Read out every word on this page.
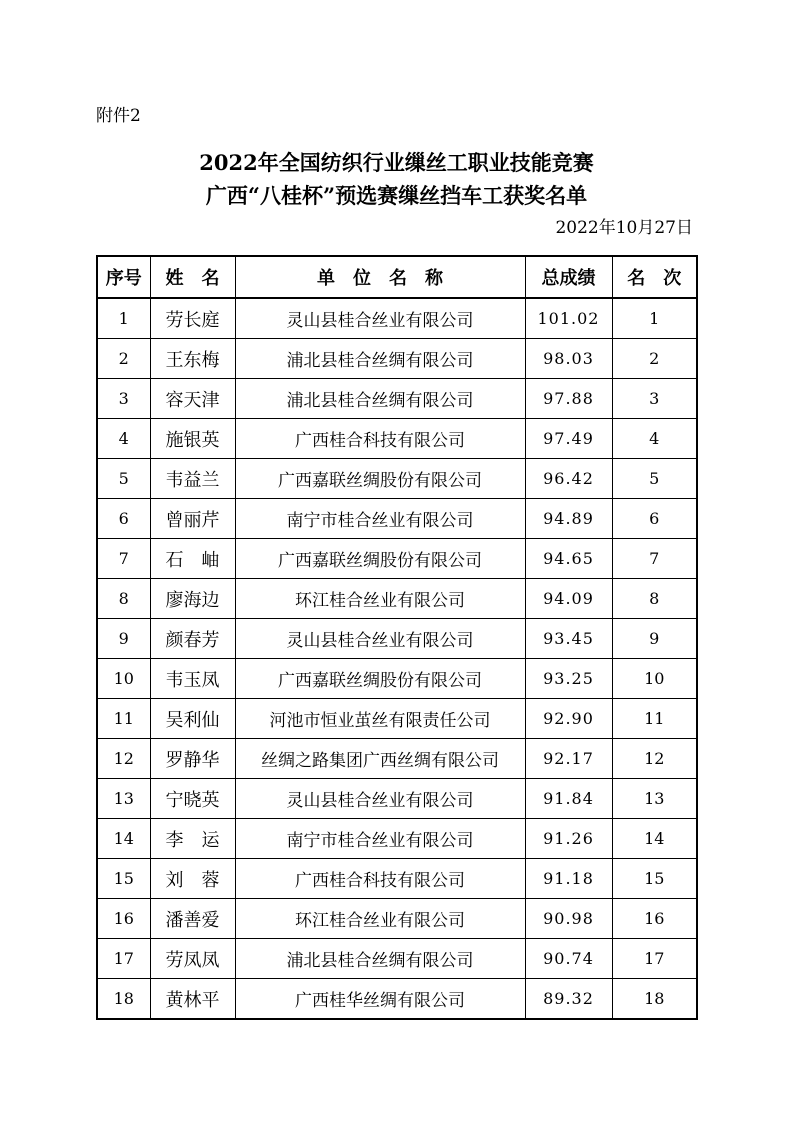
附件2
2022年全国纺织行业缫丝工职业技能竞赛
广西“八桂杯”预选赛缫丝挡车工获奖名单
2022年10月27日
序号	姓　名	单　位　名　称	总成绩	名　次
1	劳长庭	灵山县桂合丝业有限公司	101.02	1
2	王东梅	浦北县桂合丝绸有限公司	98.03	2
3	容天津	浦北县桂合丝绸有限公司	97.88	3
4	施银英	广西桂合科技有限公司	97.49	4
5	韦益兰	广西嘉联丝绸股份有限公司	96.42	5
6	曾丽芹	南宁市桂合丝业有限公司	94.89	6
7	石　岫	广西嘉联丝绸股份有限公司	94.65	7
8	廖海边	环江桂合丝业有限公司	94.09	8
9	颜春芳	灵山县桂合丝业有限公司	93.45	9
10	韦玉凤	广西嘉联丝绸股份有限公司	93.25	10
11	吴利仙	河池市恒业茧丝有限责任公司	92.90	11
12	罗静华	丝绸之路集团广西丝绸有限公司	92.17	12
13	宁晓英	灵山县桂合丝业有限公司	91.84	13
14	李　运	南宁市桂合丝业有限公司	91.26	14
15	刘　蓉	广西桂合科技有限公司	91.18	15
16	潘善爱	环江桂合丝业有限公司	90.98	16
17	劳凤凤	浦北县桂合丝绸有限公司	90.74	17
18	黄林平	广西桂华丝绸有限公司	89.32	18
